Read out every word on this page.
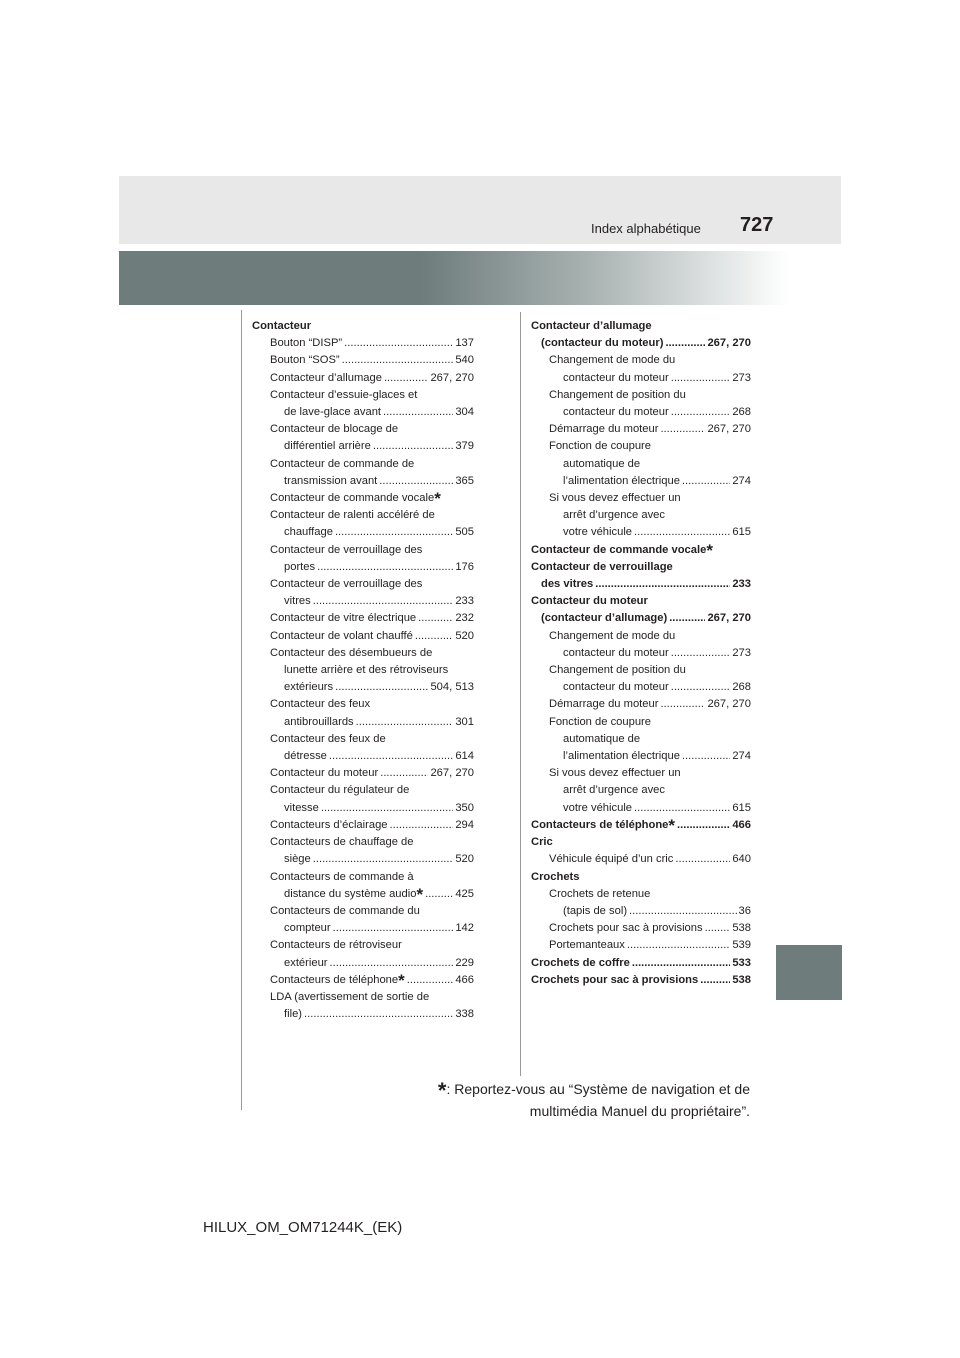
727
Index alphabétique
Contacteur
Bouton “DISP” .....	137
Bouton “SOS” .....	540
Contacteur d’allumage .....	267, 270
Contacteur d’essuie-glaces et
de lave-glace avant .....	304
Contacteur de blocage de
différentiel arrière .....	379
Contacteur de commande de
transmission avant .....	365
Contacteur de commande vocale *
Contacteur de ralenti accéléré de
chauffage .....	505
Contacteur de verrouillage des
portes .....	176
Contacteur de verrouillage des
vitres .....	233
Contacteur de vitre électrique .....	232
Contacteur de volant chauffé .....	520
Contacteur des désembueurs de
lunette arrière et des rétroviseurs
extérieurs .....	504, 513
Contacteur des feux
antibrouillards .....	301
Contacteur des feux de
détresse .....	614
Contacteur du moteur .....	267, 270
Contacteur du régulateur de
vitesse .....	350
Contacteurs d’éclairage .....	294
Contacteurs de chauffage de
siège .....	520
Contacteurs de commande à
distance du système audio * .....	425
Contacteurs de commande du
compteur .....	142
Contacteurs de rétroviseur
extérieur .....	229
Contacteurs de téléphone * .....	466
LDA (avertissement de sortie de
file) .....	338
Contacteur d’allumage
(contacteur du moteur) .....	267, 270
Changement de mode du
contacteur du moteur .....	273
Changement de position du
contacteur du moteur .....	268
Démarrage du moteur .....	267, 270
Fonction de coupure
automatique de
l’alimentation électrique .....	274
Si vous devez effectuer un
arrêt d’urgence avec
votre véhicule .....	615
Contacteur de commande vocale *
Contacteur de verrouillage
des vitres .....	233
Contacteur du moteur
(contacteur d’allumage) .....	267, 270
Changement de mode du
contacteur du moteur .....	273
Changement de position du
contacteur du moteur .....	268
Démarrage du moteur .....	267, 270
Fonction de coupure
automatique de
l’alimentation électrique .....	274
Si vous devez effectuer un
arrêt d’urgence avec
votre véhicule .....	615
Contacteurs de téléphone * .....	466
Cric
Véhicule équipé d’un cric .....	640
Crochets
Crochets de retenue
(tapis de sol) .....	36
Crochets pour sac à provisions .....	538
Portemanteaux .....	539
Crochets de coffre .....	533
Crochets pour sac à provisions .....	538
*: Reportez-vous au “Système de navigation et de
multimédia Manuel du propriétaire”.
HILUX_OM_OM71244K_(EK)
